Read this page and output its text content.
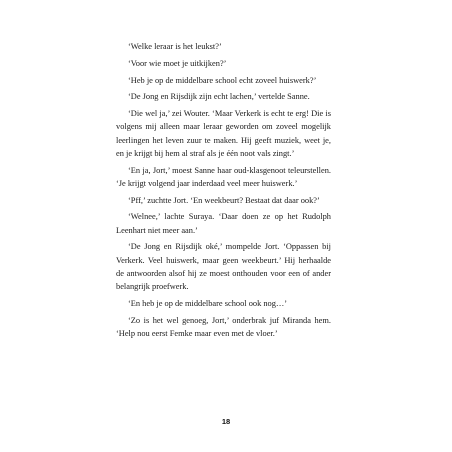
‘Welke leraar is het leukst?’

‘Voor wie moet je uitkijken?’

‘Heb je op de middelbare school echt zoveel huiswerk?’

‘De Jong en Rijsdijk zijn echt lachen,’ vertelde Sanne.

‘Die wel ja,’ zei Wouter. ‘Maar Verkerk is echt te erg! Die is volgens mij alleen maar leraar geworden om zoveel mogelijk leerlingen het leven zuur te maken. Hij geeft muziek, weet je, en je krijgt bij hem al straf als je één noot vals zingt.’

‘En ja, Jort,’ moest Sanne haar oud-klasgenoot teleurstellen. ‘Je krijgt volgend jaar inderdaad veel meer huiswerk.’

‘Pff,’ zuchtte Jort. ‘En weekbeurt? Bestaat dat daar ook?’

‘Welnee,’ lachte Suraya. ‘Daar doen ze op het Rudolph Leenhart niet meer aan.’

‘De Jong en Rijsdijk oké,’ mompelde Jort. ‘Oppassen bij Verkerk. Veel huiswerk, maar geen weekbeurt.’ Hij herhaalde de antwoorden alsof hij ze moest onthouden voor een of ander belangrijk proefwerk.

‘En heb je op de middelbare school ook nog…’

‘Zo is het wel genoeg, Jort,’ onderbrak juf Miranda hem. ‘Help nou eerst Femke maar even met de vloer.’

18
